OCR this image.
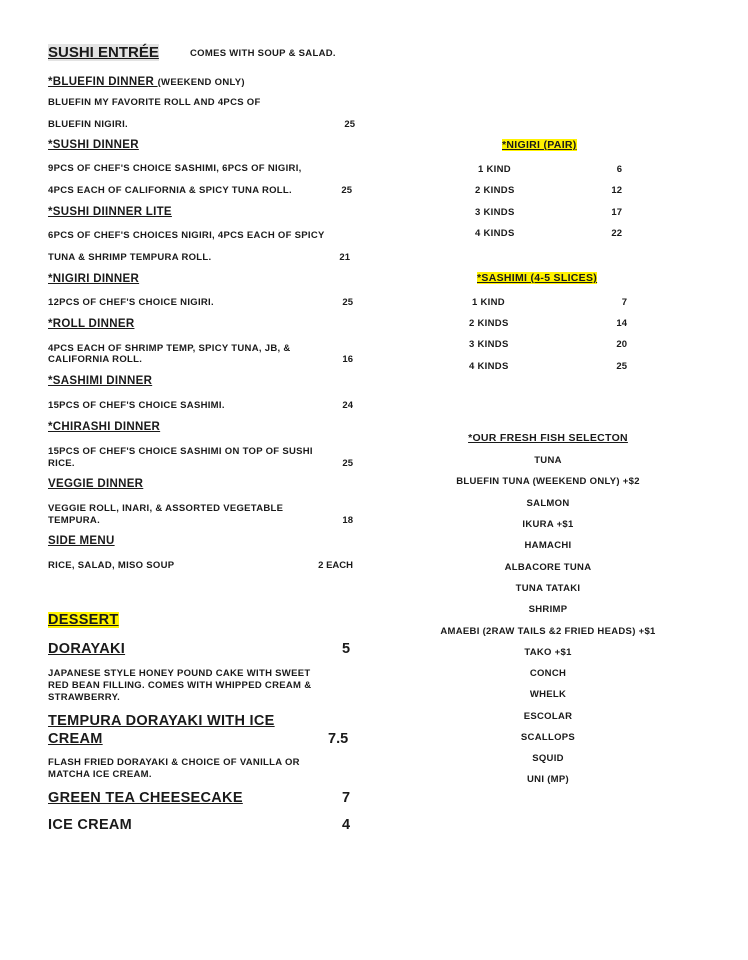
SUSHI ENTRÉE	COMES WITH SOUP & SALAD.
*BLUEFIN DINNER (WEEKEND ONLY)
BLUEFIN MY FAVORITE ROLL AND 4PCS OF
BLUEFIN NIGIRI.	25
*SUSHI DINNER
9PCS OF CHEF'S CHOICE SASHIMI, 6PCS OF NIGIRI,
4PCS EACH OF CALIFORNIA & SPICY TUNA ROLL.	25
*SUSHI DIINNER LITE
6PCS OF CHEF'S CHOICES NIGIRI, 4PCS EACH OF SPICY
TUNA & SHRIMP TEMPURA ROLL.	21
*NIGIRI DINNER
12PCS OF CHEF'S CHOICE NIGIRI.	25
*ROLL DINNER
4PCS EACH OF SHRIMP TEMP, SPICY TUNA, JB, &
CALIFORNIA ROLL.	16
*SASHIMI DINNER
15PCS OF CHEF'S CHOICE SASHIMI.	24
*CHIRASHI DINNER
15PCS OF CHEF'S CHOICE SASHIMI ON TOP OF SUSHI
RICE.	25
VEGGIE DINNER
VEGGIE ROLL, INARI, & ASSORTED VEGETABLE
TEMPURA.	18
SIDE MENU
RICE, SALAD, MISO SOUP	2 EACH
DESSERT
DORAYAKI	5
JAPANESE STYLE HONEY POUND CAKE WITH SWEET
RED BEAN FILLING. COMES WITH WHIPPED CREAM &
STRAWBERRY.
TEMPURA DORAYAKI WITH ICE
CREAM	7.5
FLASH FRIED DORAYAKI & CHOICE OF VANILLA OR
MATCHA ICE CREAM.
GREEN TEA CHEESECAKE	7
ICE CREAM	4
*NIGIRI (PAIR)
1 KIND	6
2 KINDS	12
3 KINDS	17
4 KINDS	22
*SASHIMI (4-5 SLICES)
1 KIND	7
2 KINDS	14
3 KINDS	20
4 KINDS	25
*OUR FRESH FISH SELECTON
TUNA
BLUEFIN TUNA (WEEKEND ONLY) +$2
SALMON
IKURA +$1
HAMACHI
ALBACORE TUNA
TUNA TATAKI
SHRIMP
AMAEBI (2RAW TAILS &2 FRIED HEADS) +$1
TAKO +$1
CONCH
WHELK
ESCOLAR
SCALLOPS
SQUID
UNI (MP)
